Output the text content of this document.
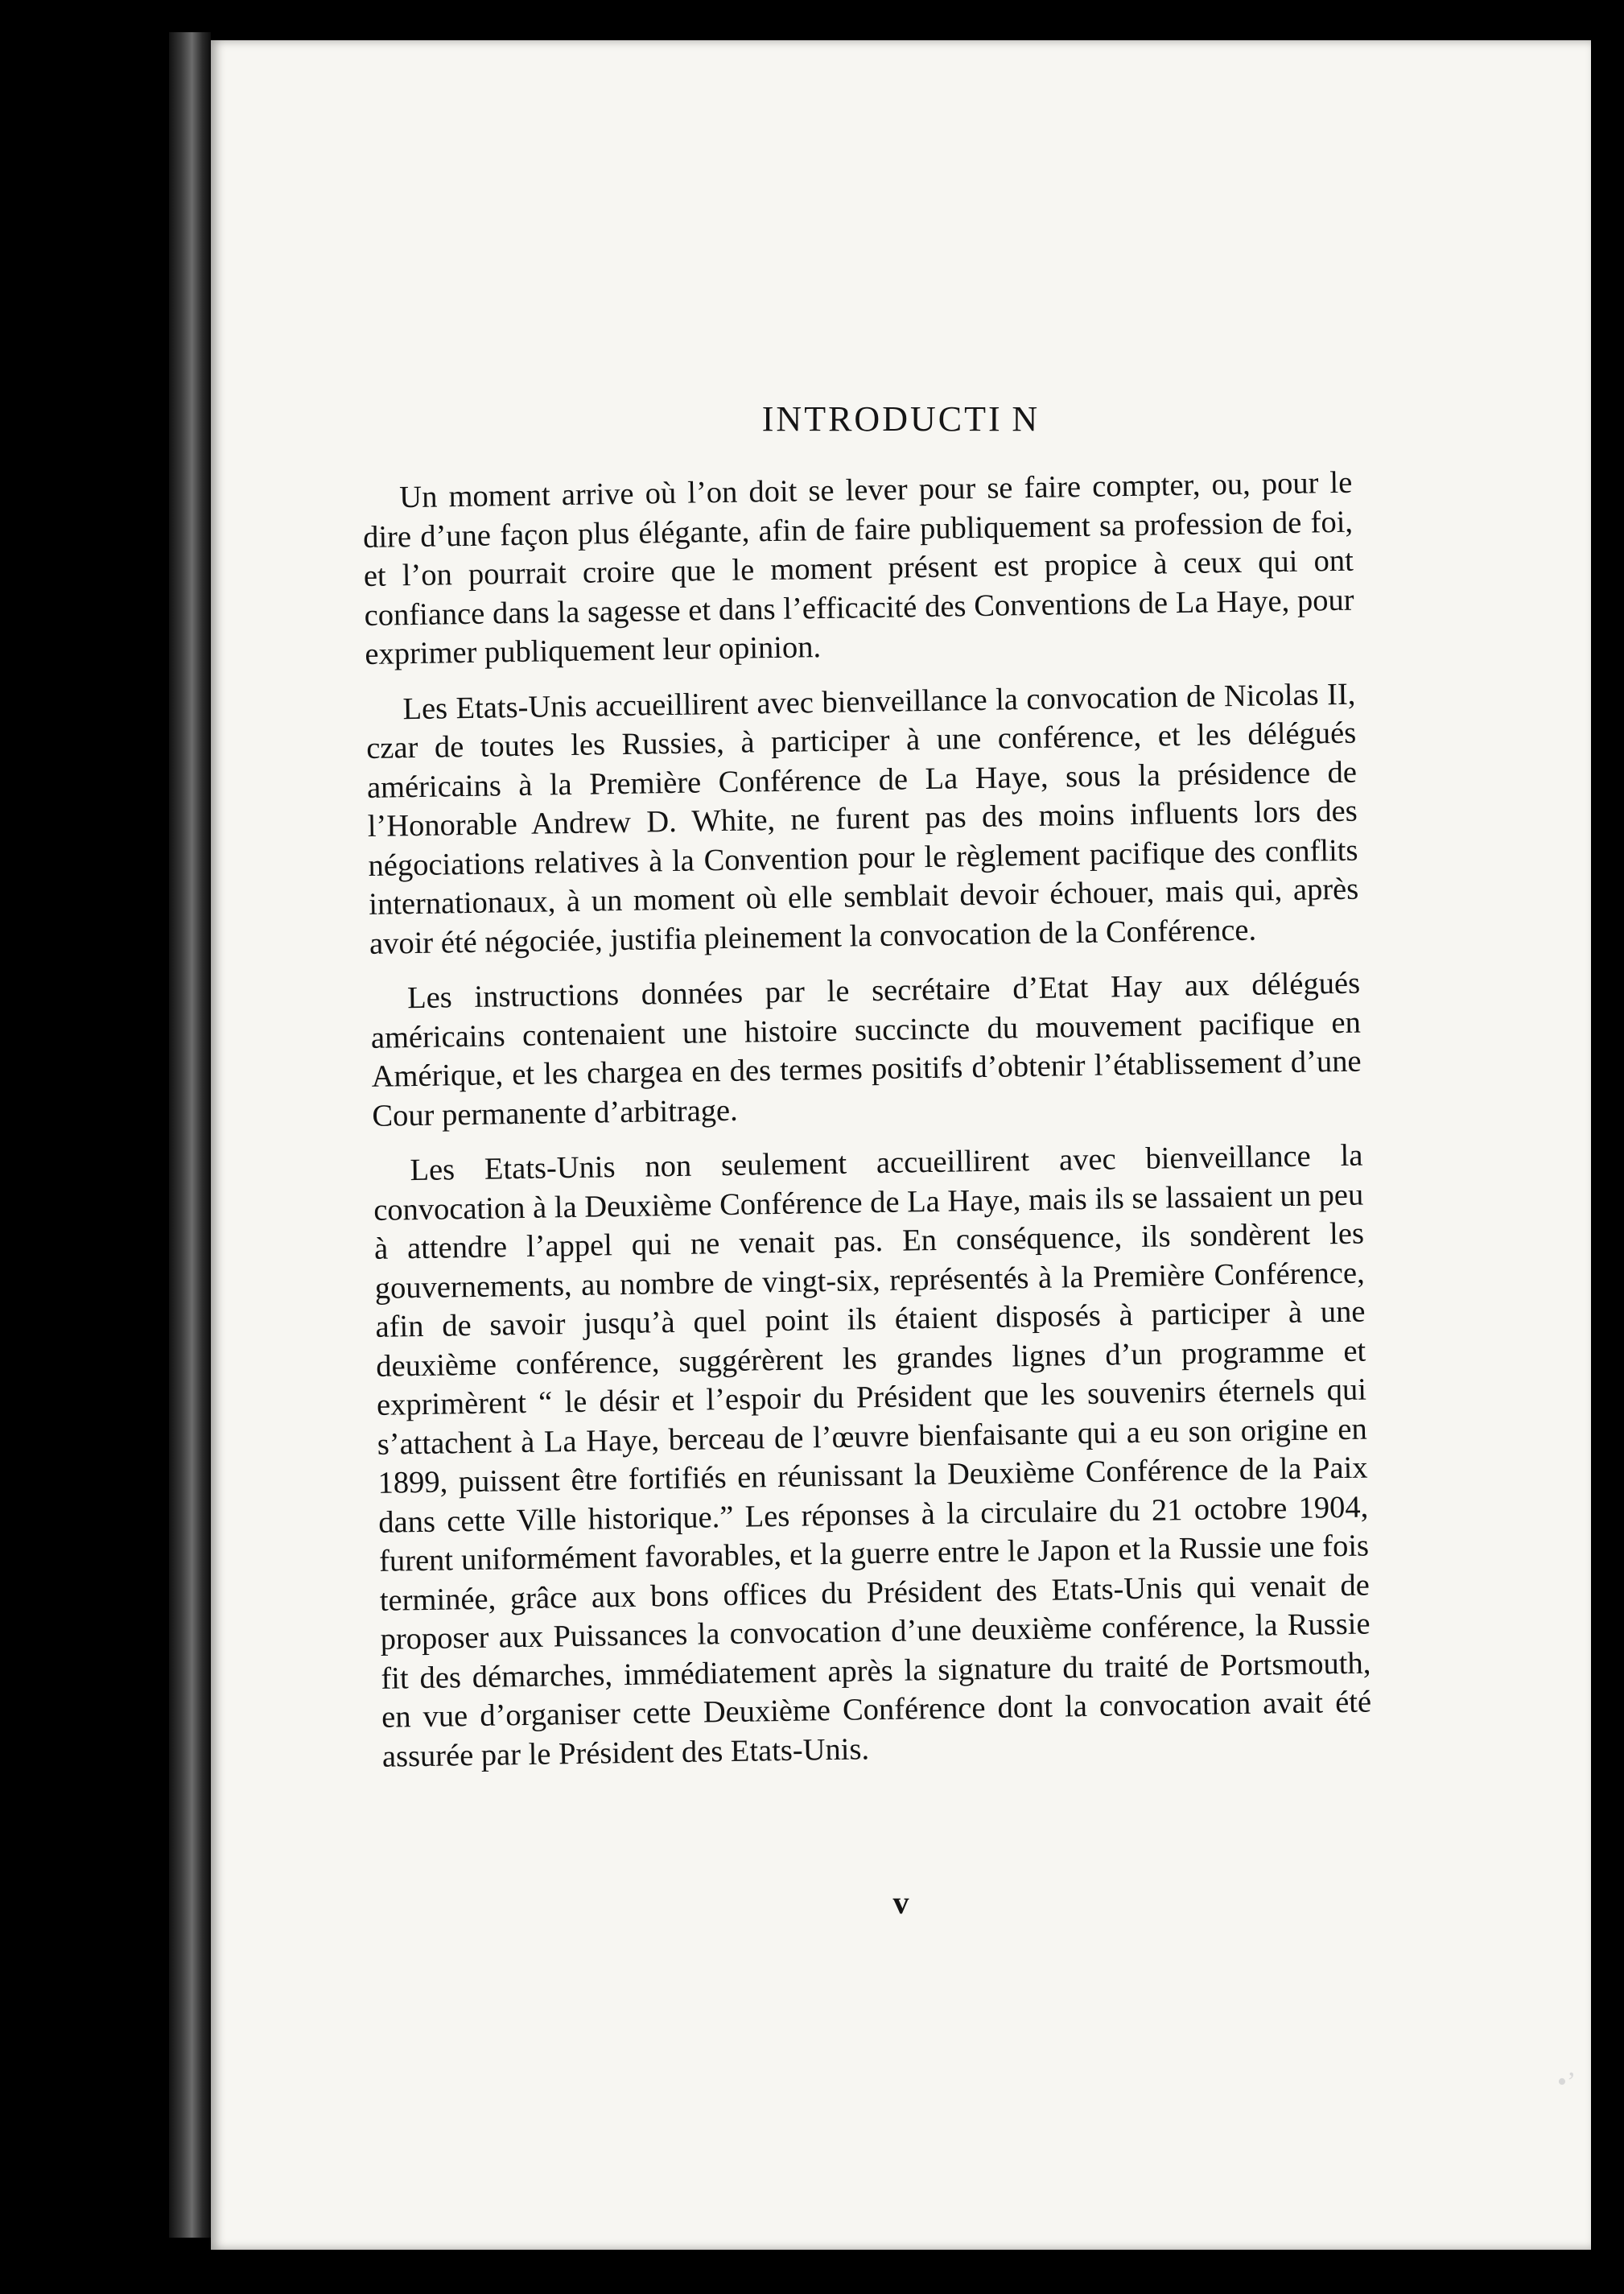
INTRODUCTI N

Un moment arrive où l’on doit se lever pour se faire compter, ou, pour le dire d’une façon plus élégante, afin de faire publiquement sa profession de foi, et l’on pourrait croire que le moment présent est propice à ceux qui ont confiance dans la sagesse et dans l’efficacité des Conventions de La Haye, pour exprimer publiquement leur opinion.

Les Etats-Unis accueillirent avec bienveillance la convocation de Nicolas II, czar de toutes les Russies, à participer à une conférence, et les délégués américains à la Première Conférence de La Haye, sous la présidence de l’Honorable Andrew D. White, ne furent pas des moins influents lors des négociations relatives à la Convention pour le règlement pacifique des conflits internationaux, à un moment où elle semblait devoir échouer, mais qui, après avoir été négociée, justifia pleinement la convocation de la Conférence.

Les instructions données par le secrétaire d’Etat Hay aux délégués américains contenaient une histoire succincte du mouvement pacifique en Amérique, et les chargea en des termes positifs d’obtenir l’établissement d’une Cour permanente d’arbitrage.

Les Etats-Unis non seulement accueillirent avec bienveillance la convocation à la Deuxième Conférence de La Haye, mais ils se lassaient un peu à attendre l’appel qui ne venait pas. En conséquence, ils sondèrent les gouvernements, au nombre de vingt-six, représentés à la Première Conférence, afin de savoir jusqu’à quel point ils étaient disposés à participer à une deuxième conférence, suggérèrent les grandes lignes d’un programme et exprimèrent “ le désir et l’espoir du Président que les souvenirs éternels qui s’attachent à La Haye, berceau de l’œuvre bienfaisante qui a eu son origine en 1899, puissent être fortifiés en réunissant la Deuxième Conférence de la Paix dans cette Ville historique.” Les réponses à la circulaire du 21 octobre 1904, furent uniformément favorables, et la guerre entre le Japon et la Russie une fois terminée, grâce aux bons offices du Président des Etats-Unis qui venait de proposer aux Puissances la convocation d’une deuxième conférence, la Russie fit des démarches, immédiatement après la signature du traité de Portsmouth, en vue d’organiser cette Deuxième Conférence dont la convocation avait été assurée par le Président des Etats-Unis.

v
•’
